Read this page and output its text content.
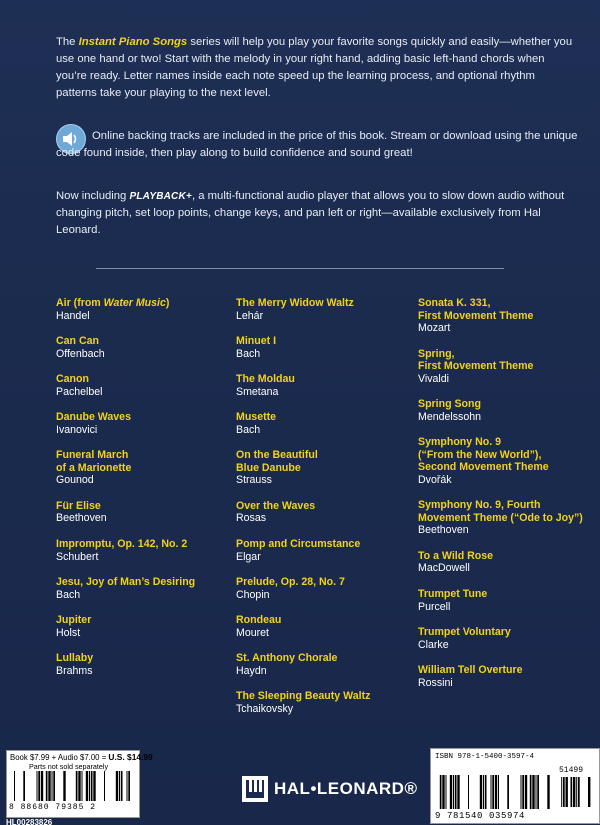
The Instant Piano Songs series will help you play your favorite songs quickly and easily—whether you use one hand or two! Start with the melody in your right hand, adding basic left-hand chords when you’re ready. Letter names inside each note speed up the learning process, and optional rhythm patterns take your playing to the next level.

Online backing tracks are included in the price of this book. Stream or download using the unique code found inside, then play along to build confidence and sound great!
Now including PLAYBACK+, a multi-functional audio player that allows you to slow down audio without changing pitch, set loop points, change keys, and pan left or right—available exclusively from Hal Leonard.
Air (from Water Music)
Handel
Can Can
Offenbach
Canon
Pachelbel
Danube Waves
Ivanovici
Funeral March
of a Marionette
Gounod
Für Elise
Beethoven
Impromptu, Op. 142, No. 2
Schubert
Jesu, Joy of Man’s Desiring
Bach
Jupiter
Holst
Lullaby
Brahms
The Merry Widow Waltz
Lehár
Minuet I
Bach
The Moldau
Smetana
Musette
Bach
On the Beautiful
Blue Danube
Strauss
Over the Waves
Rosas
Pomp and Circumstance
Elgar
Prelude, Op. 28, No. 7
Chopin
Rondeau
Mouret
St. Anthony Chorale
Haydn
The Sleeping Beauty Waltz
Tchaikovsky
Sonata K. 331,
First Movement Theme
Mozart
Spring,
First Movement Theme
Vivaldi
Spring Song
Mendelssohn
Symphony No. 9
(“From the New World”),
Second Movement Theme
Dvořák
Symphony No. 9, Fourth
Movement Theme (“Ode to Joy”)
Beethoven
To a Wild Rose
MacDowell
Trumpet Tune
Purcell
Trumpet Voluntary
Clarke
William Tell Overture
Rossini
Book $7.99 + Audio $7.00 = U.S. $14.99
Parts not sold separately
8 88680 79385 2
HL00283826
HAL•LEONARD®
ISBN 978-1-5400-3597-4
51499
9 781540 035974
